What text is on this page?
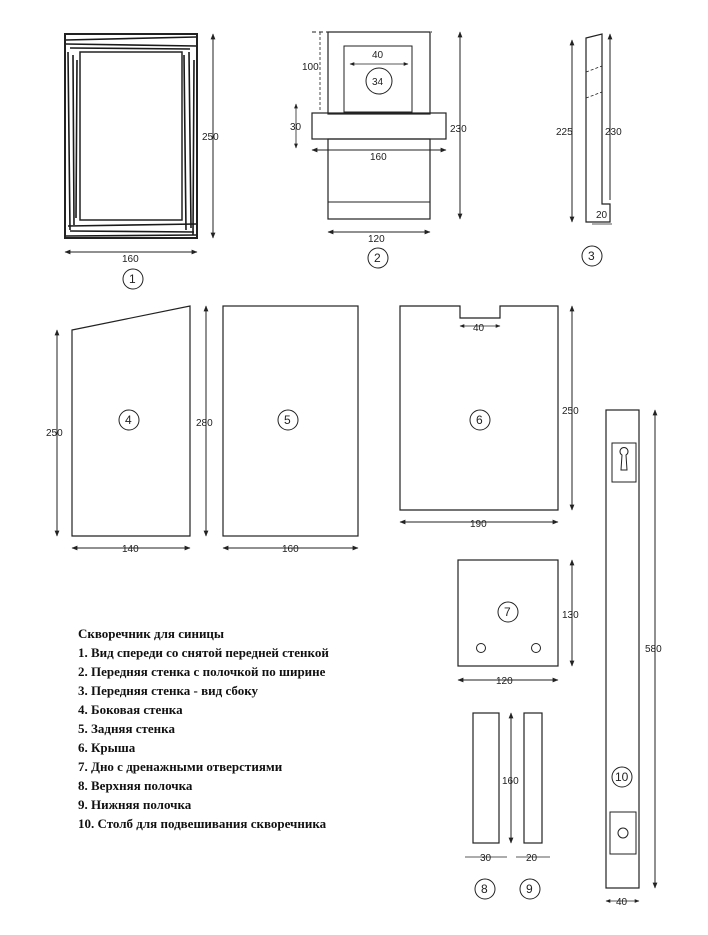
250
160
1
100
40
34
30
160
120
230
2
225	230
20
3
250
140
4	280
160
5
40
250
190
6
130
120
7
160
30	20
8	9
580
40
10

Скворечник для синицы

1. Вид спереди со снятой передней стенкой

2. Передняя стенка с полочкой по ширине

3. Передняя стенка - вид сбоку

4. Боковая стенка

5. Задняя стенка

6. Крыша

7. Дно с дренажными отверстиями

8. Верхняя полочка

9. Нижняя полочка

10. Столб для подвешивания скворечника
